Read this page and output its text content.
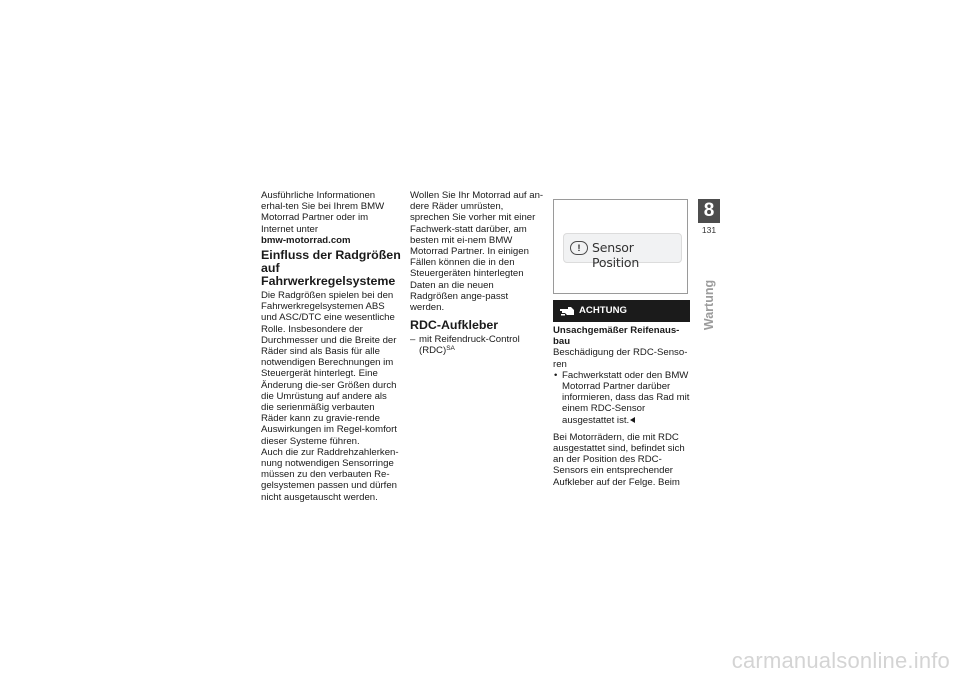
Ausführliche Informationen erhal-ten Sie bei Ihrem BMW Motorrad Partner oder im Internet unter

bmw-motorrad.com

Einfluss der Radgrößen auf Fahrwerkregelsysteme

Die Radgrößen spielen bei den Fahrwerkregelsystemen ABS und ASC/DTC eine wesentliche Rolle. Insbesondere der Durchmesser und die Breite der Räder sind als Basis für alle notwendigen Berechnungen im Steuergerät hinterlegt. Eine Änderung die-ser Größen durch die Umrüstung auf andere als die serienmäßig verbauten Räder kann zu gravie-rende Auswirkungen im Regel-komfort dieser Systeme führen.

Auch die zur Raddrehzahlerken-nung notwendigen Sensorringe müssen zu den verbauten Re-gelsystemen passen und dürfen nicht ausgetauscht werden.

Wollen Sie Ihr Motorrad auf an-dere Räder umrüsten, sprechen Sie vorher mit einer Fachwerk-statt darüber, am besten mit ei-nem BMW Motorrad Partner. In einigen Fällen können die in den Steuergeräten hinterlegten Daten an die neuen Radgrößen ange-passt werden.

RDC-Aufkleber
– mit Reifendruck-Control (RDC)$^{SA}$
! Sensor Position
ACHTUNG

Unsachgemäßer Reifenaus-bau

Beschädigung der RDC-Senso-ren

• Fachwerkstatt oder den BMW Motorrad Partner darüber informieren, dass das Rad mit einem RDC-Sensor ausgestattet ist.

Bei Motorrädern, die mit RDC ausgestattet sind, befindet sich an der Position des RDC-Sensors ein entsprechender Aufkleber auf der Felge. Beim

8
131
Wartung
carmanualsonline.info
